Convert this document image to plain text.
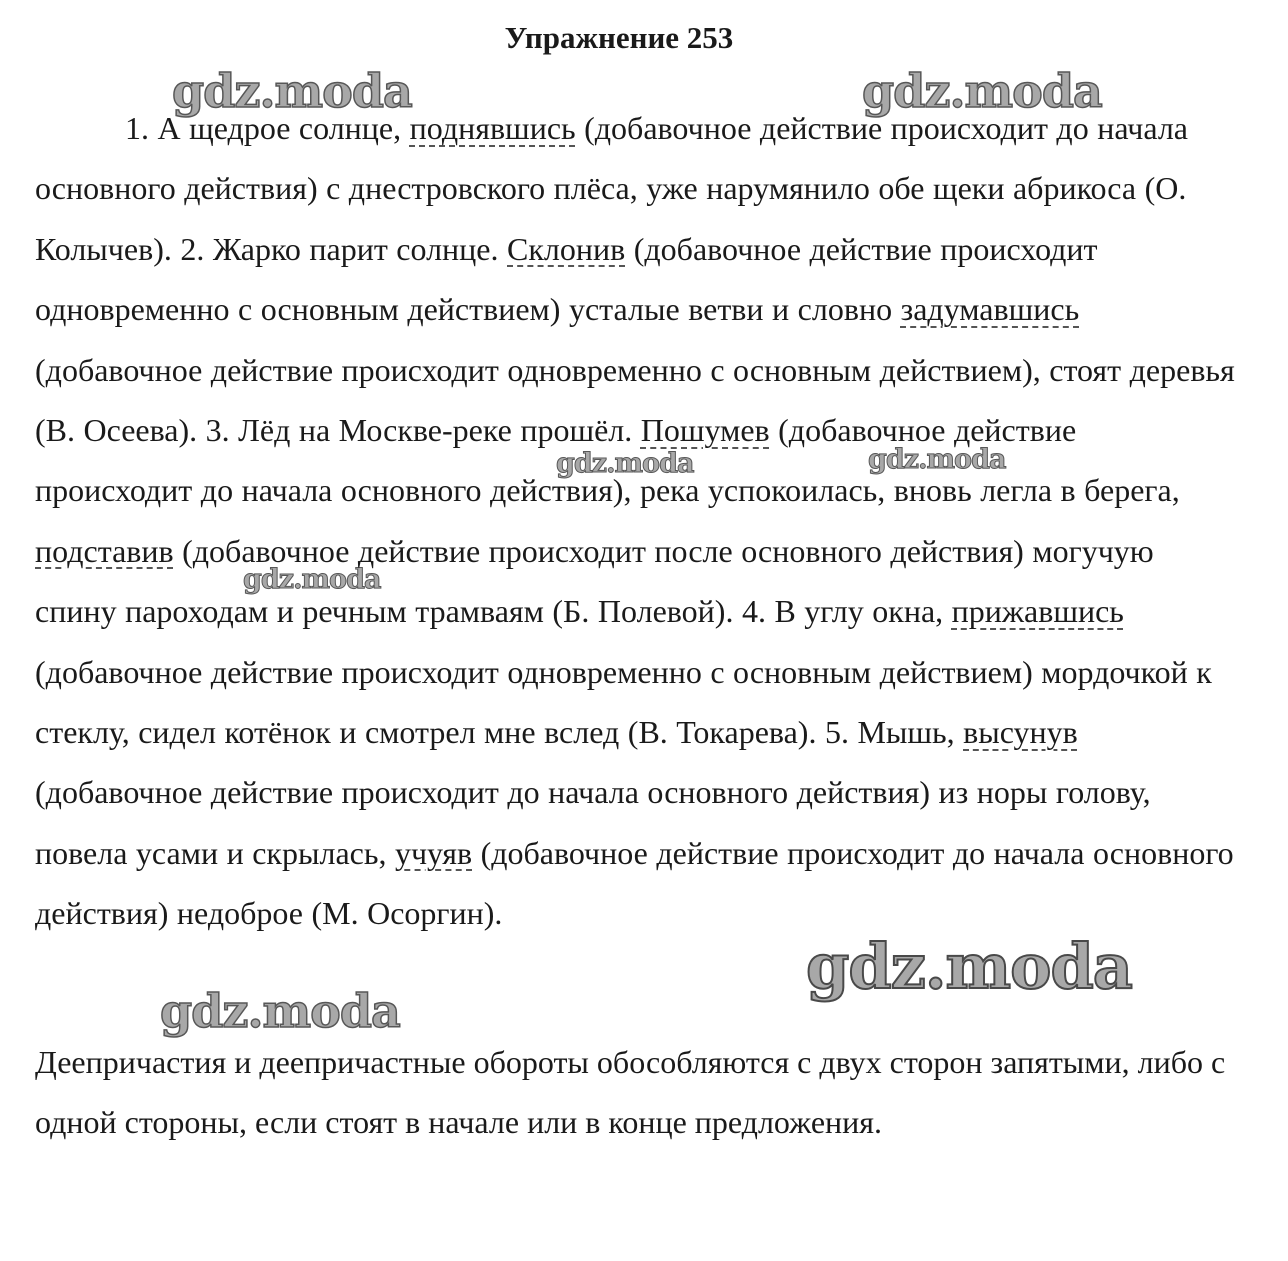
Упражнение 253

1. А щедрое солнце, поднявшись (добавочное действие происходит до начала основного действия) с днестровского плёса, уже нарумянило обе щеки абрикоса (О. Колычев). 2. Жарко парит солнце. Склонив (добавочное действие происходит одновременно с основным действием) усталые ветви и словно задумавшись (добавочное действие происходит одновременно с основным действием), стоят деревья (В. Осеева). 3. Лёд на Москве-реке прошёл. Пошумев (добавочное действие происходит до начала основного действия), река успокоилась, вновь легла в берега, подставив (добавочное действие происходит после основного действия) могучую спину пароходам и речным трамваям (Б. Полевой). 4. В углу окна, прижавшись (добавочное действие происходит одновременно с основным действием) мордочкой к стеклу, сидел котёнок и смотрел мне вслед (В. Токарева). 5. Мышь, высунув (добавочное действие происходит до начала основного действия) из норы голову, повела усами и скрылась, учуяв (добавочное действие происходит до начала основного действия) недоброе (М. Осоргин).

Деепричастия и деепричастные обороты обособляются с двух сторон запятыми, либо с одной стороны, если стоят в начале или в конце предложения.

gdz.moda	gdz.moda
gdz.moda	gdz.moda
gdz.moda
gdz.moda
gdz.moda
